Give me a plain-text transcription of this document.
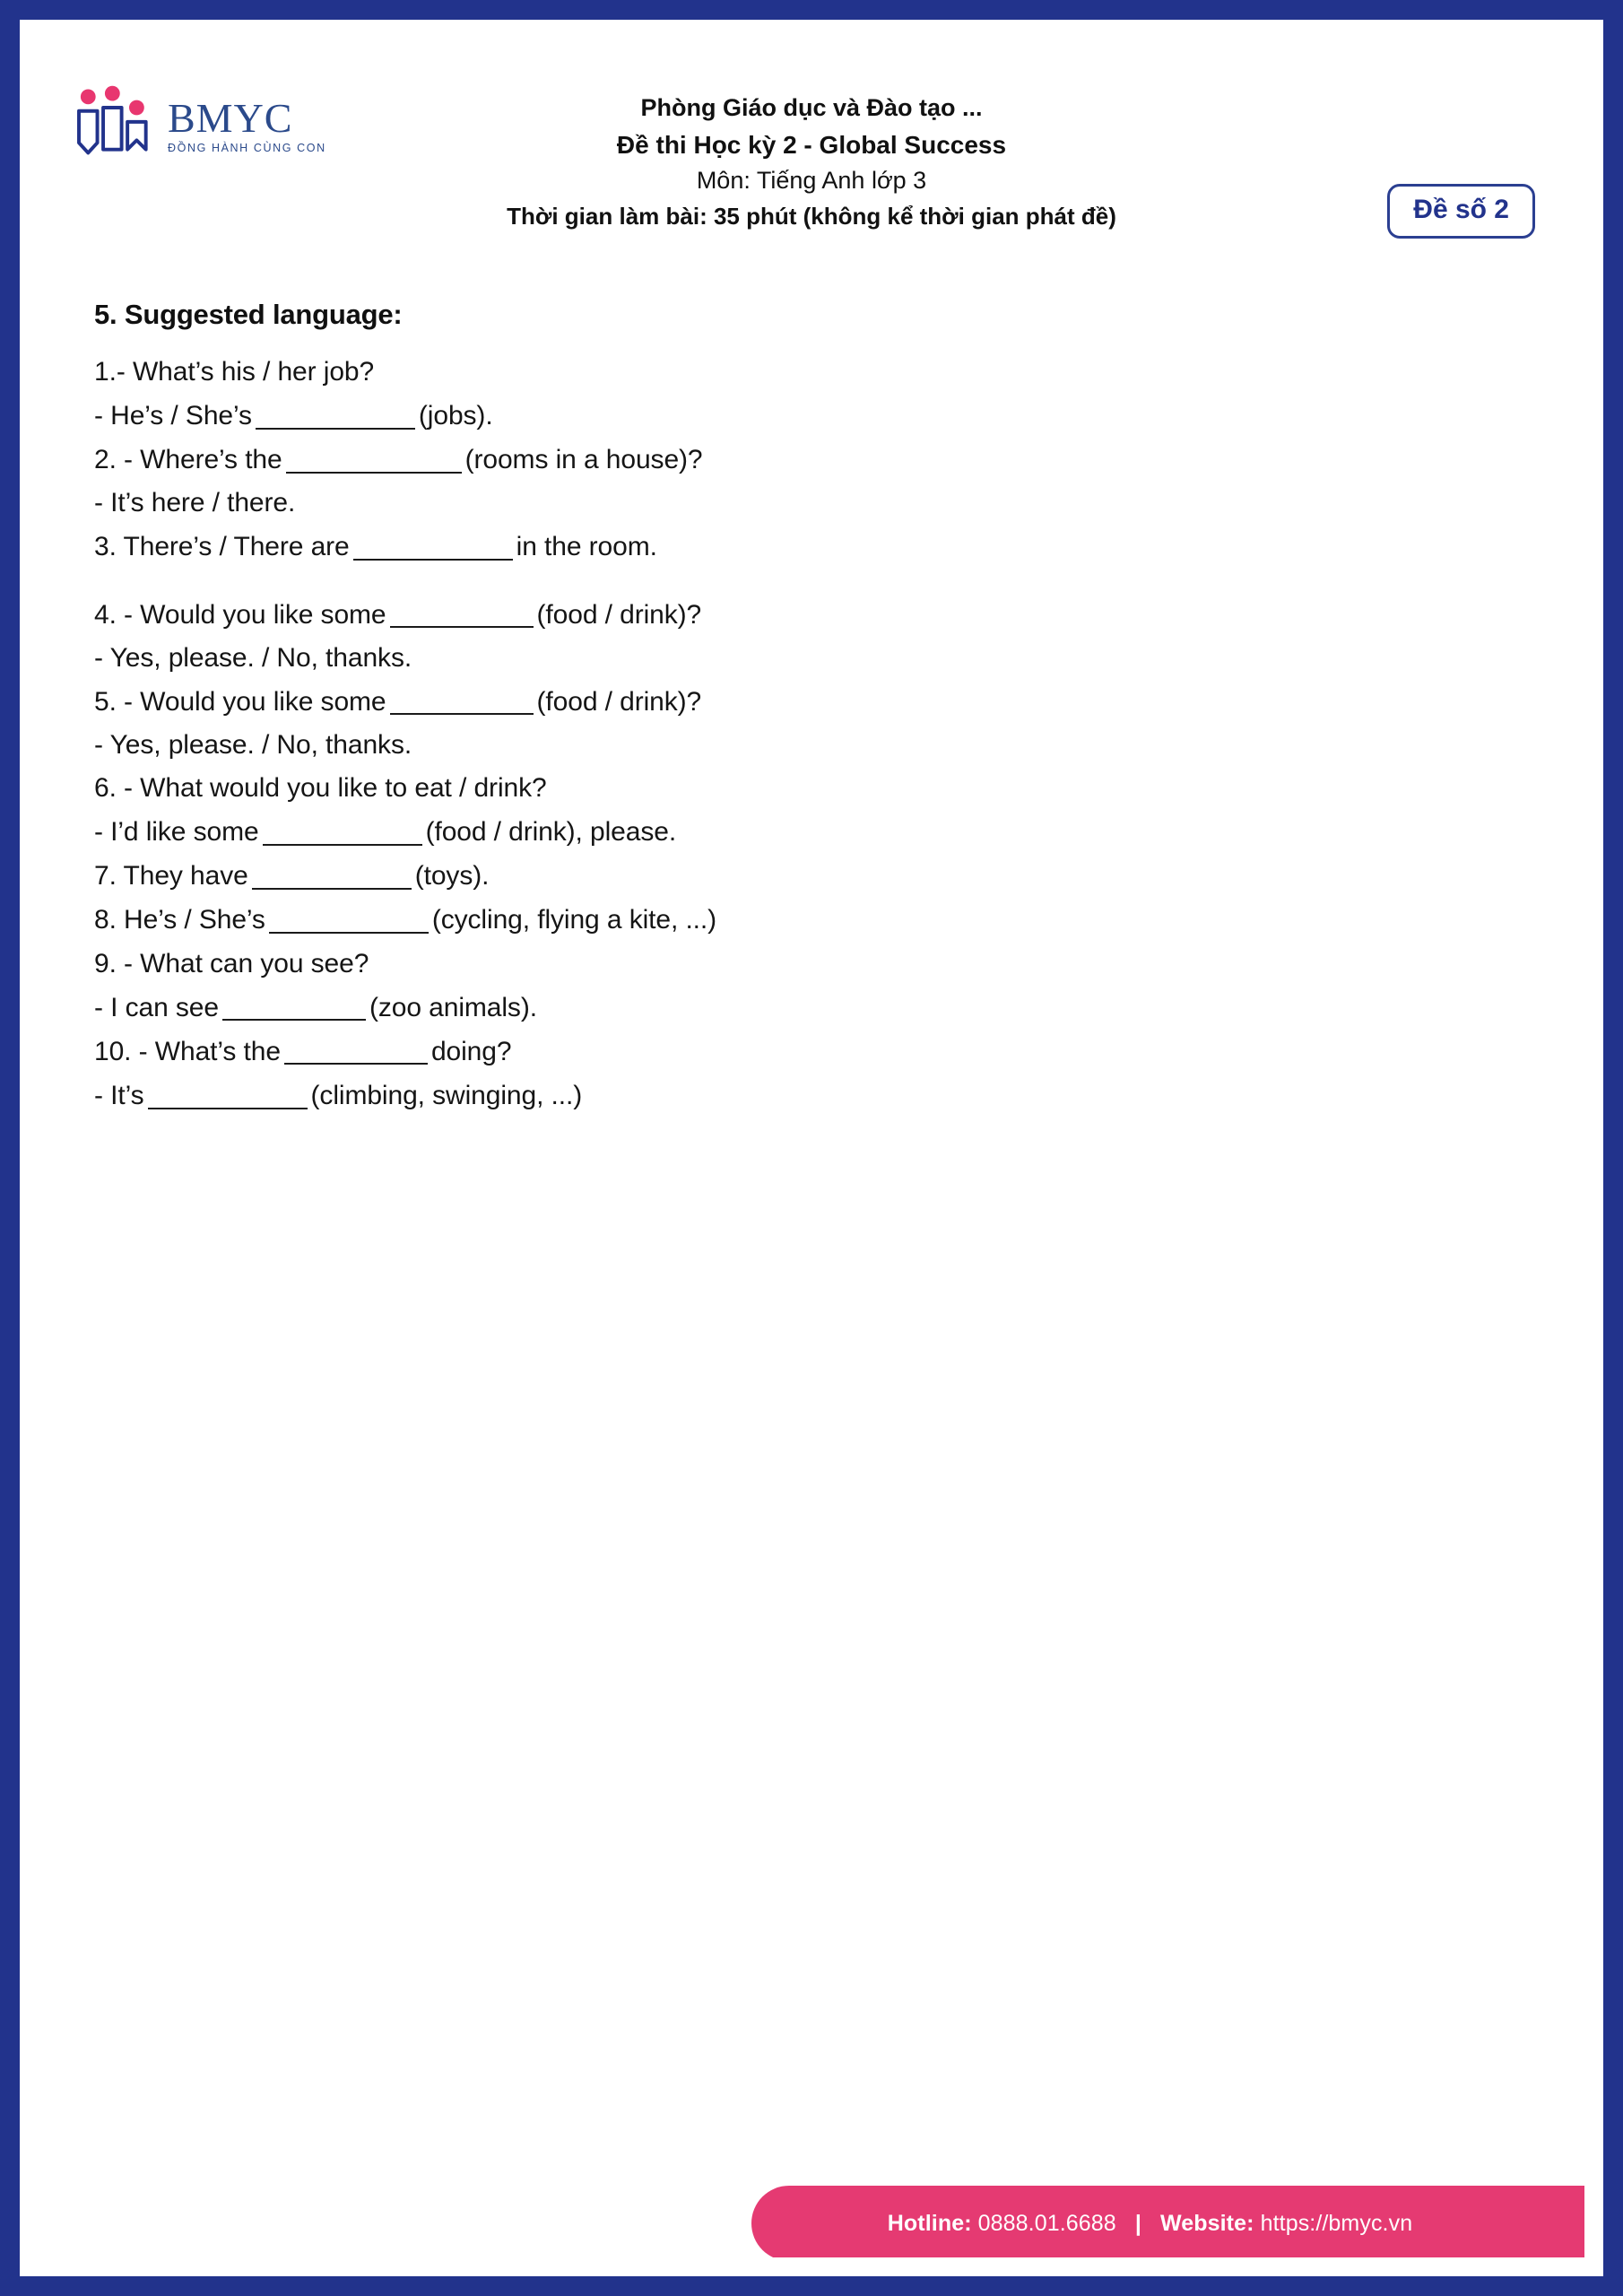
BMYC
ĐỒNG HÀNH CÙNG CON
Phòng Giáo dục và Đào tạo ...
Đề thi Học kỳ 2 - Global Success
Môn: Tiếng Anh lớp 3
Thời gian làm bài: 35 phút (không kể thời gian phát đề)	Đề số 2
5. Suggested language:
1.- What’s his / her job?
- He’s / She’s	(jobs).
2. - Where’s the	(rooms in a house)?
- It’s here / there.
3. There’s / There are	in the room.
4. - Would you like some	(food / drink)?
- Yes, please. / No, thanks.
5. - Would you like some	(food / drink)?
- Yes, please. / No, thanks.
6. - What would you like to eat / drink?
- I’d like some	(food / drink), please.
7. They have	(toys).
8. He’s / She’s	(cycling, flying a kite, ...)
9. - What can you see?
- I can see	(zoo animals).
10. - What’s the	doing?
- It’s	(climbing, swinging, ...)
Hotline: 0888.01.6688 | Website: https://bmyc.vn
